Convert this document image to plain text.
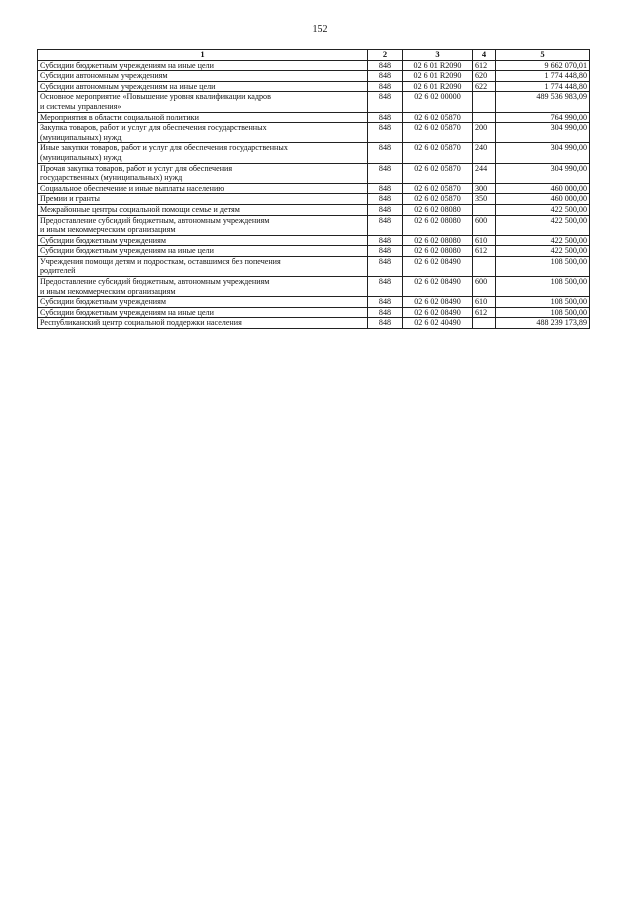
152
1	2	3	4	5
Субсидии бюджетным учреждениям на иные цели	848	02 6 01 R2090	612	9 662 070,01
Субсидии автономным учреждениям	848	02 6 01 R2090	620	1 774 448,80
Субсидии автономным учреждениям на иные цели	848	02 6 01 R2090	622	1 774 448,80
Основное мероприятие «Повышение уровня квалификации кадров
и системы управления»	848	02 6 02 00000		489 536 983,09
Мероприятия в области социальной политики	848	02 6 02 05870		764 990,00
Закупка товаров, работ и услуг для обеспечения государственных
(муниципальных) нужд	848	02 6 02 05870	200	304 990,00
Иные закупки товаров, работ и услуг для обеспечения государственных
(муниципальных) нужд	848	02 6 02 05870	240	304 990,00
Прочая закупка товаров, работ и услуг для обеспечения
государственных (муниципальных) нужд	848	02 6 02 05870	244	304 990,00
Социальное обеспечение и иные выплаты населению	848	02 6 02 05870	300	460 000,00
Премии и гранты	848	02 6 02 05870	350	460 000,00
Межрайонные центры социальной помощи семье и детям	848	02 6 02 08080		422 500,00
Предоставление субсидий бюджетным, автономным учреждениям
и иным некоммерческим организациям	848	02 6 02 08080	600	422 500,00
Субсидии бюджетным учреждениям	848	02 6 02 08080	610	422 500,00
Субсидии бюджетным учреждениям на иные цели	848	02 6 02 08080	612	422 500,00
Учреждения помощи детям и подросткам, оставшимся без попечения
родителей	848	02 6 02 08490		108 500,00
Предоставление субсидий бюджетным, автономным учреждениям
и иным некоммерческим организациям	848	02 6 02 08490	600	108 500,00
Субсидии бюджетным учреждениям	848	02 6 02 08490	610	108 500,00
Субсидии бюджетным учреждениям на иные цели	848	02 6 02 08490	612	108 500,00
Республиканский центр социальной поддержки населения	848	02 6 02 40490		488 239 173,89
